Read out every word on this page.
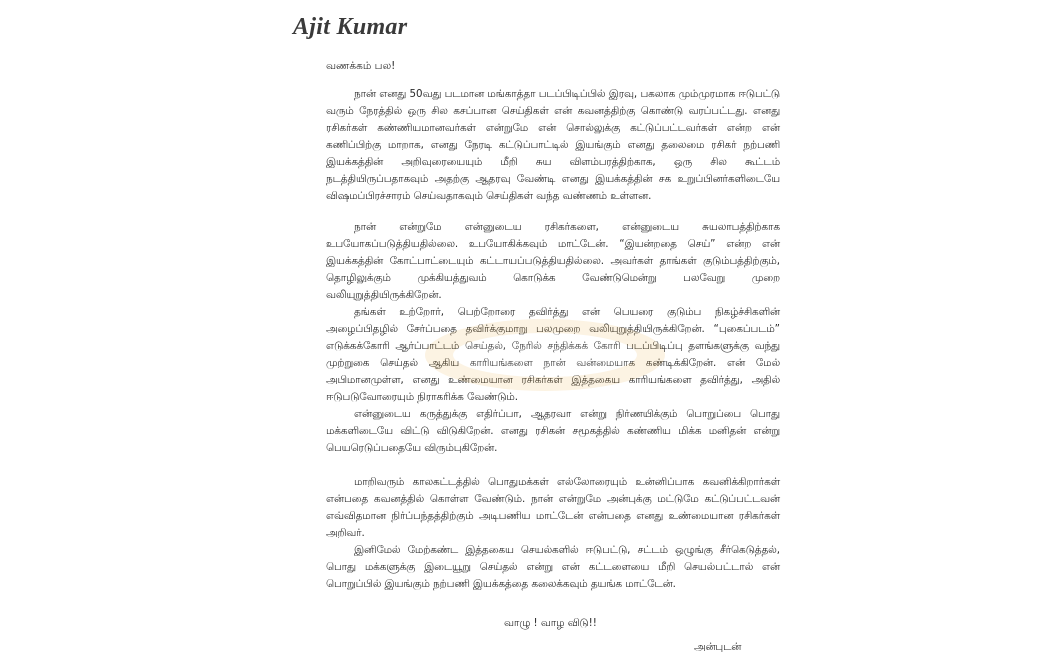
Ajit Kumar

வணக்கம் பல!

நான் எனது 50வது படமான மங்காத்தா படப்பிடிப்பில் இரவு, பகலாக மும்முரமாக ஈடுபட்டு வரும் நேரத்தில் ஒரு சில கசப்பான செய்திகள் என் கவனத்திற்கு கொண்டு வரப்பட்டது. எனது ரசிகர்கள் கண்ணியமானவர்கள் என்றுமே என் சொல்லுக்கு கட்டுப்பட்டவர்கள் என்ற என் கணிப்பிற்கு மாறாக, எனது நேரடி கட்டுப்பாட்டில் இயங்கும் எனது தலைமை ரசிகர் நற்பணி இயக்கத்தின் அறிவுரையையும் மீறி சுய விளம்பரத்திற்காக, ஒரு சில கூட்டம் நடத்தியிருப்பதாகவும் அதற்கு ஆதரவு வேண்டி எனது இயக்கத்தின் சக உறுப்பினர்களிடையே விஷமப்பிரச்சாரம் செய்வதாகவும் செய்திகள் வந்த வண்ணம் உள்ளன.

நான் என்றுமே என்னுடைய ரசிகர்களை, என்னுடைய சுயலாபத்திற்காக உபயோகப்படுத்தியதில்லை. உபயோகிக்கவும் மாட்டேன். “இயன்றதை செய்” என்ற என் இயக்கத்தின் கோட்பாட்டையும் கட்டாயப்படுத்தியதில்லை. அவர்கள் தாங்கள் குடும்பத்திற்கும், தொழிலுக்கும் முக்கியத்துவம் கொடுக்க வேண்டுமென்று பலவேறு முறை வலியுறுத்தியிருக்கிறேன்.

தங்கள் உற்றோர், பெற்றோரை தவிர்த்து என் பெயரை குடும்ப நிகழ்ச்சிகளின் அழைப்பிதழில் சேர்ப்பதை தவிர்க்குமாறு பலமுறை வலியுறுத்தியிருக்கிறேன். “புகைப்படம்” எடுக்கக்கோரி ஆர்ப்பாட்டம் செய்தல், நேரில் சந்திக்கக் கோரி படப்பிடிப்பு தளங்களுக்கு வந்து முற்றுகை செய்தல் ஆகிய காரியங்களை நான் வன்மையாக கண்டிக்கிறேன். என் மேல் அபிமானமுள்ள, எனது உண்மையான ரசிகர்கள் இத்தகைய காரியங்களை தவிர்த்து, அதில் ஈடுபடுவோரையும் நிராகரிக்க வேண்டும்.

என்னுடைய கருத்துக்கு எதிர்ப்பா, ஆதரவா என்று நிர்ணயிக்கும் பொறுப்பை பொது மக்களிடையே விட்டு விடுகிறேன். எனது ரசிகன் சமூகத்தில் கண்ணிய மிக்க மனிதன் என்று பெயரெடுப்பதையே விரும்புகிறேன்.

மாறிவரும் காலகட்டத்தில் பொதுமக்கள் எல்லோரையும் உன்னிப்பாக கவனிக்கிறார்கள் என்பதை கவனத்தில் கொள்ள வேண்டும். நான் என்றுமே அன்புக்கு மட்டுமே கட்டுப்பட்டவன் எவ்விதமான நிர்ப்பந்தத்திற்கும் அடிபணிய மாட்டேன் என்பதை எனது உண்மையான ரசிகர்கள் அறிவர்.

இனிமேல் மேற்கண்ட இத்தகைய செயல்களில் ஈடுபட்டு, சட்டம் ஒழுங்கு சீர்கெடுத்தல், பொது மக்களுக்கு இடையூறு செய்தல் என்று என் கட்டளையை மீறி செயல்பட்டால் என் பொறுப்பில் இயங்கும் நற்பணி இயக்கத்தை கலைக்கவும் தயங்க மாட்டேன்.

வாழு ! வாழ விடு!!

அன்புடன்
